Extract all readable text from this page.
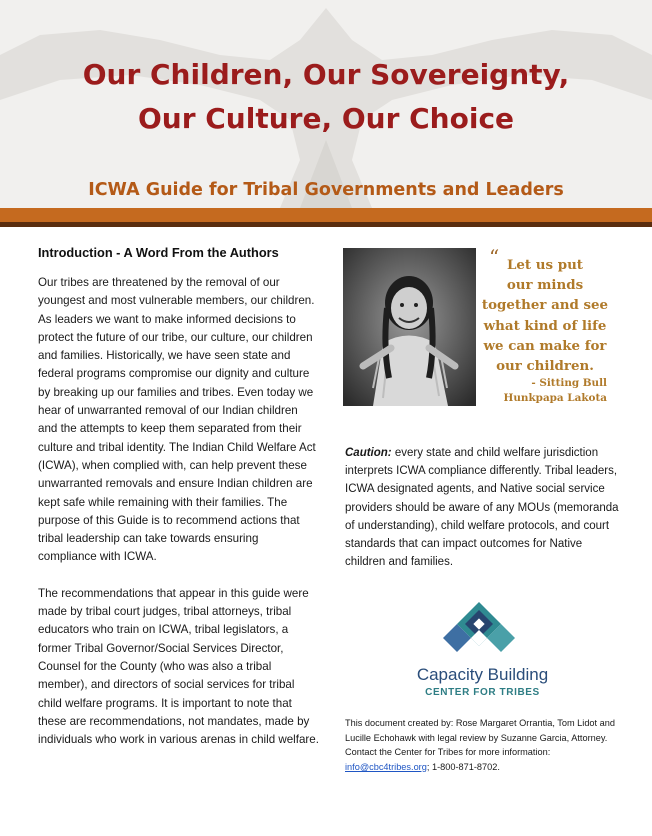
Our Children, Our Sovereignty,
Our Culture, Our Choice
ICWA Guide for Tribal Governments and Leaders
Introduction - A Word From the Authors

Our tribes are threatened by the removal of our youngest and most vulnerable members, our children. As leaders we want to make informed decisions to protect the future of our tribe, our culture, our children and families. Historically, we have seen state and federal programs compromise our dignity and culture by breaking up our families and tribes. Even today we hear of unwarranted removal of our Indian children and the attempts to keep them separated from their culture and tribal identity. The Indian Child Welfare Act (ICWA), when complied with, can help prevent these unwarranted removals and ensure Indian children are kept safe while remaining with their families. The purpose of this Guide is to recommend actions that tribal leadership can take towards ensuring compliance with ICWA.

The recommendations that appear in this guide were made by tribal court judges, tribal attorneys, tribal educators who train on ICWA, tribal legislators, a former Tribal Governor/Social Services Director, Counsel for the County (who was also a tribal member), and directors of social services for tribal child welfare programs. It is important to note that these are recommendations, not mandates, made by individuals who work in various arenas in child welfare.

“ Let us put
our minds
together and see
what kind of life
we can make for
our children.
- Sitting Bull
Hunkpapa Lakota
Caution: every state and child welfare jurisdiction interprets ICWA compliance differently. Tribal leaders, ICWA designated agents, and Native social service providers should be aware of any MOUs (memoranda of understanding), child welfare protocols, and court standards that can impact outcomes for Native children and families.
Capacity Building
CENTER FOR TRIBES
This document created by: Rose Margaret Orrantia, Tom Lidot and Lucille Echohawk with legal review by Suzanne Garcia, Attorney. Contact the Center for Tribes for more information: info@cbc4tribes.org; 1-800-871-8702.
